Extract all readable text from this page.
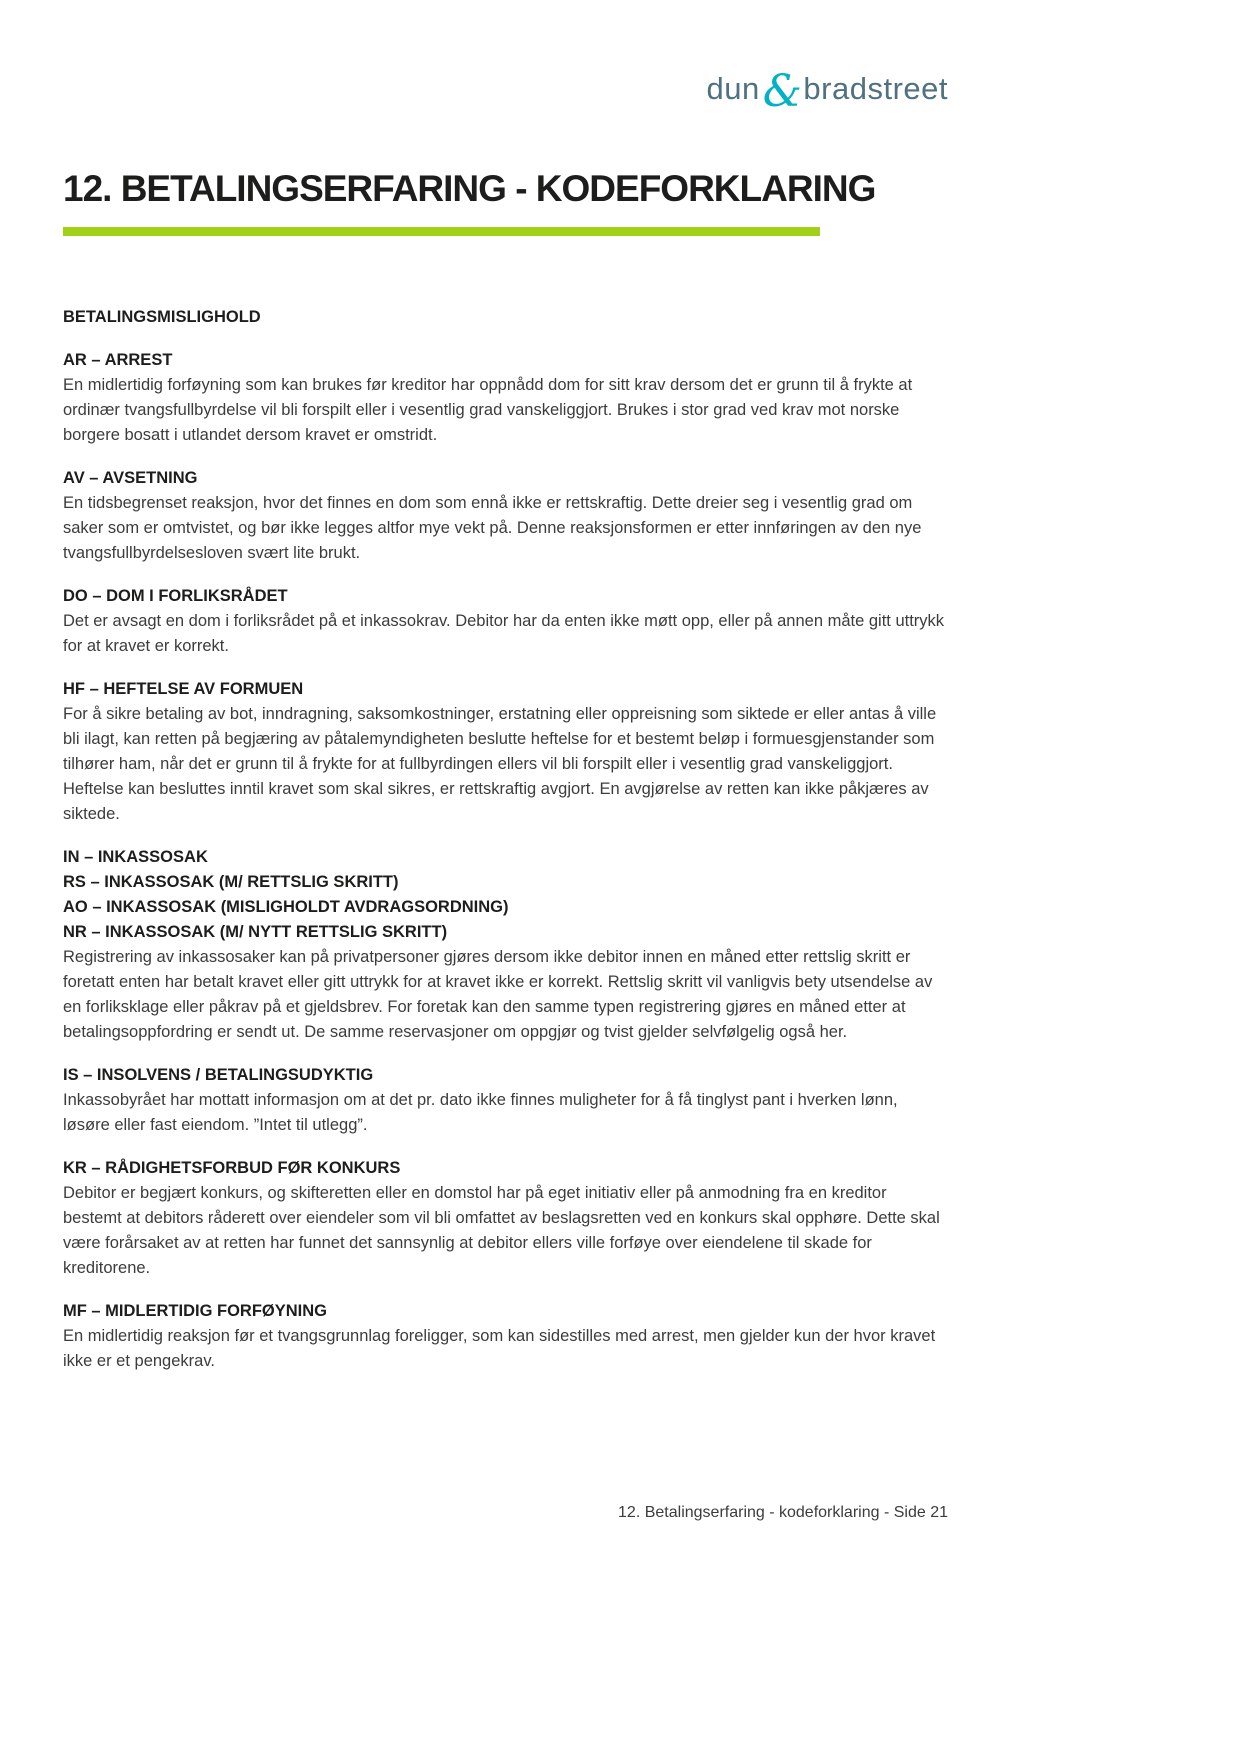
dun&bradstreet
12. BETALINGSERFARING - KODEFORKLARING
BETALINGSMISLIGHOLD
AR – ARREST

En midlertidig forføyning som kan brukes før kreditor har oppnådd dom for sitt krav dersom det er grunn til å frykte at ordinær tvangsfullbyrdelse vil bli forspilt eller i vesentlig grad vanskeliggjort. Brukes i stor grad ved krav mot norske borgere bosatt i utlandet dersom kravet er omstridt.

AV – AVSETNING

En tidsbegrenset reaksjon, hvor det finnes en dom som ennå ikke er rettskraftig. Dette dreier seg i vesentlig grad om saker som er omtvistet, og bør ikke legges altfor mye vekt på. Denne reaksjonsformen er etter innføringen av den nye tvangsfullbyrdelsesloven svært lite brukt.

DO – DOM I FORLIKSRÅDET

Det er avsagt en dom i forliksrådet på et inkassokrav. Debitor har da enten ikke møtt opp, eller på annen måte gitt uttrykk for at kravet er korrekt.

HF – HEFTELSE AV FORMUEN

For å sikre betaling av bot, inndragning, saksomkostninger, erstatning eller oppreisning som siktede er eller antas å ville bli ilagt, kan retten på begjæring av påtalemyndigheten beslutte heftelse for et bestemt beløp i formuesgjenstander som tilhører ham, når det er grunn til å frykte for at fullbyrdingen ellers vil bli forspilt eller i vesentlig grad vanskeliggjort. Heftelse kan besluttes inntil kravet som skal sikres, er rettskraftig avgjort. En avgjørelse av retten kan ikke påkjæres av siktede.

IN – INKASSOSAK
RS – INKASSOSAK (M/ RETTSLIG SKRITT)
AO – INKASSOSAK (MISLIGHOLDT AVDRAGSORDNING)
NR – INKASSOSAK (M/ NYTT RETTSLIG SKRITT)

Registrering av inkassosaker kan på privatpersoner gjøres dersom ikke debitor innen en måned etter rettslig skritt er foretatt enten har betalt kravet eller gitt uttrykk for at kravet ikke er korrekt. Rettslig skritt vil vanligvis bety utsendelse av en forliksklage eller påkrav på et gjeldsbrev. For foretak kan den samme typen registrering gjøres en måned etter at betalingsoppfordring er sendt ut. De samme reservasjoner om oppgjør og tvist gjelder selvfølgelig også her.

IS – INSOLVENS / BETALINGSUDYKTIG

Inkassobyrået har mottatt informasjon om at det pr. dato ikke finnes muligheter for å få tinglyst pant i hverken lønn, løsøre eller fast eiendom. ”Intet til utlegg”.

KR – RÅDIGHETSFORBUD FØR KONKURS

Debitor er begjært konkurs, og skifteretten eller en domstol har på eget initiativ eller på anmodning fra en kreditor bestemt at debitors råderett over eiendeler som vil bli omfattet av beslagsretten ved en konkurs skal opphøre. Dette skal være forårsaket av at retten har funnet det sannsynlig at debitor ellers ville forføye over eiendelene til skade for kreditorene.

MF – MIDLERTIDIG FORFØYNING

En midlertidig reaksjon før et tvangsgrunnlag foreligger, som kan sidestilles med arrest, men gjelder kun der hvor kravet ikke er et pengekrav.

12. Betalingserfaring - kodeforklaring - Side 21
